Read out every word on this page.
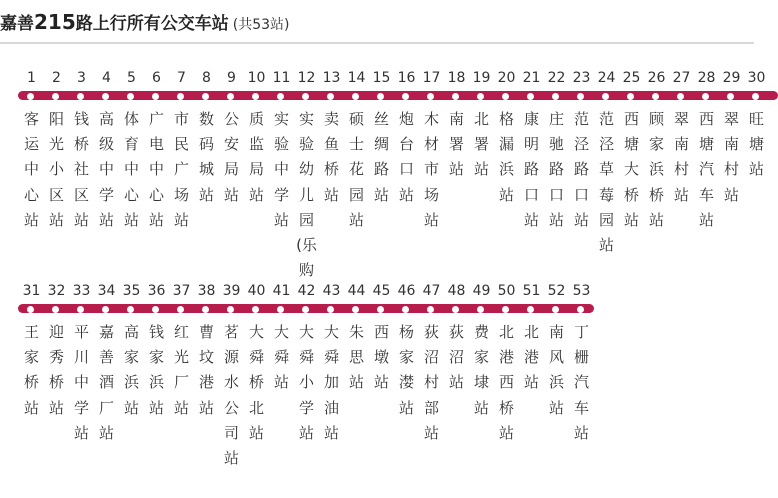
嘉善215路上行所有公交车站 (共53站)
1
客运中心站
2
阳光小区站
3
钱桥社区站
4
高级中学站
5
体育中心站
6
广电中心站
7
市民广场站
8
数码城站
9
公安局站
10
质监局站
11
实验中学站
12
实验幼儿园(乐购
13
卖鱼桥站
14
硕士花园站
15
丝绸路站
16
炮台口站
17
木材市场站
18
南署站
19
北署站
20
格漏浜站
21
康明路口站
22
庄驰路口站
23
范泾路口站
24
范泾草莓园站
25
西塘大桥站
26
顾家浜桥站
27
翠南村站
28
西塘汽车站
29
翠南村站
30
旺塘站
31
王家桥站
32
迎秀桥站
33
平川中学站
34
嘉善酒厂站
35
高家浜站
36
钱家浜站
37
红光厂站
38
曹坟港站
39
茗源水公司站
40
大舜桥北站
41
大舜站
42
大舜小学站
43
大舜加油站
44
朱思站
45
西墩站
46
杨家漤站
47
荻沼村部站
48
荻沼站
49
费家埭站
50
北港西桥站
51
北港站
52
南风浜站
53
丁栅汽车站
